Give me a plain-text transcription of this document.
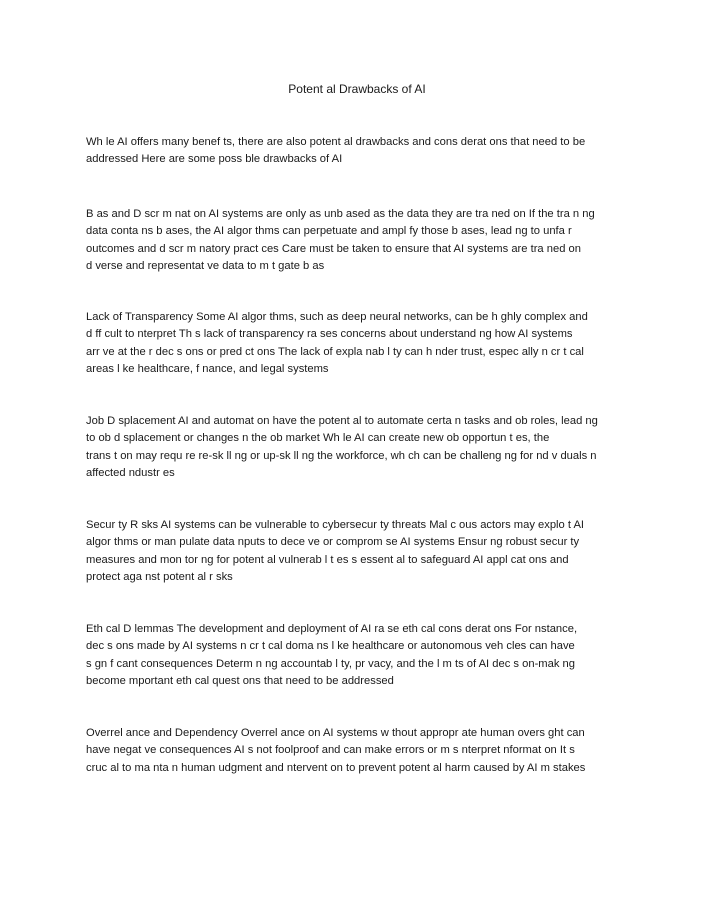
Potent al Drawbacks of AI
Wh le AI offers many benef ts, there are also potent al drawbacks and cons derat ons that need to be
addressed Here are some poss ble drawbacks of AI
B as and D scr m nat on AI systems are only as unb ased as the data they are tra ned on If the tra n ng
data conta ns b ases, the AI algor thms can perpetuate and ampl fy those b ases, lead ng to unfa r
outcomes and d scr m natory pract ces Care must be taken to ensure that AI systems are tra ned on
d verse and representat ve data to m t gate b as
Lack of Transparency Some AI algor thms, such as deep neural networks, can be h ghly complex and
d ff cult to nterpret Th s lack of transparency ra ses concerns about understand ng how AI systems
arr ve at the r dec s ons or pred ct ons The lack of expla nab l ty can h nder trust, espec ally n cr t cal
areas l ke healthcare, f nance, and legal systems
Job D splacement AI and automat on have the potent al to automate certa n tasks and ob roles, lead ng
to ob d splacement or changes n the ob market Wh le AI can create new ob opportun t es, the
trans t on may requ re re-sk ll ng or up-sk ll ng the workforce, wh ch can be challeng ng for nd v duals n
affected ndustr es
Secur ty R sks AI systems can be vulnerable to cybersecur ty threats Mal c ous actors may explo t AI
algor thms or man pulate data nputs to dece ve or comprom se AI systems Ensur ng robust secur ty
measures and mon tor ng for potent al vulnerab l t es s essent al to safeguard AI appl cat ons and
protect aga nst potent al r sks
Eth cal D lemmas The development and deployment of AI ra se eth cal cons derat ons For nstance,
dec s ons made by AI systems n cr t cal doma ns l ke healthcare or autonomous veh cles can have
s gn f cant consequences Determ n ng accountab l ty, pr vacy, and the l m ts of AI dec s on-mak ng
become mportant eth cal quest ons that need to be addressed
Overrel ance and Dependency Overrel ance on AI systems w thout appropr ate human overs ght can
have negat ve consequences AI s not foolproof and can make errors or m s nterpret nformat on It s
cruc al to ma nta n human udgment and ntervent on to prevent potent al harm caused by AI m stakes
